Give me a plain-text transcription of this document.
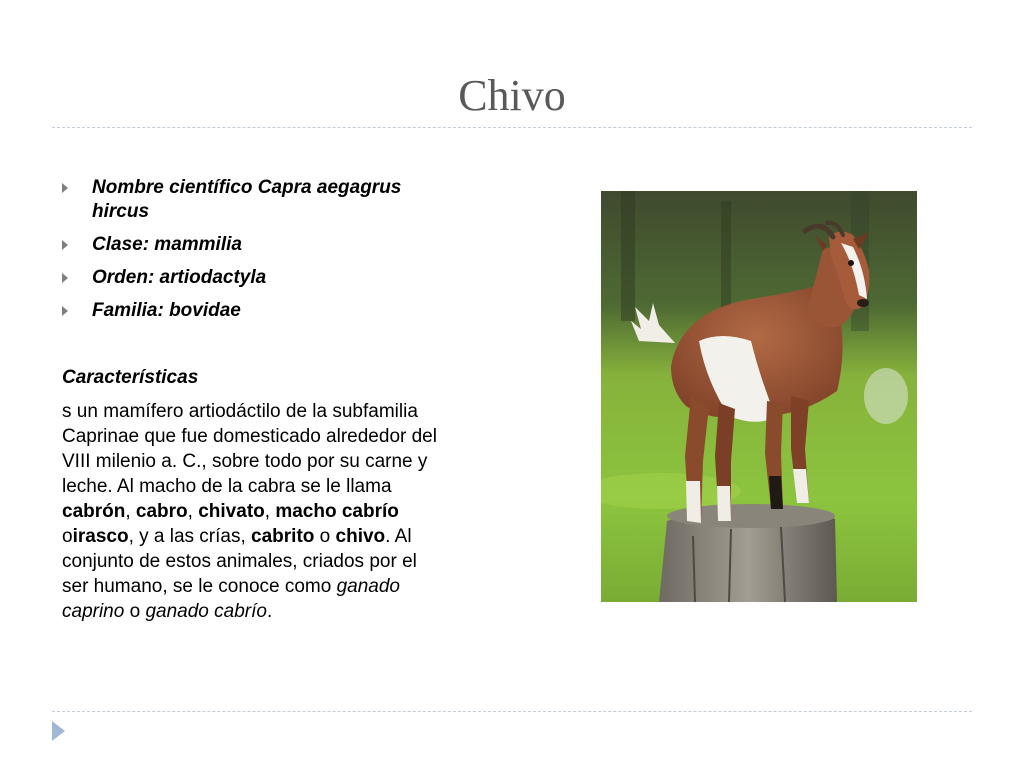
Chivo
Nombre científico Capra aegagrus hircus
Clase: mammilia
Orden: artiodactyla
Familia: bovidae
Características

s un mamífero artiodáctilo de la subfamilia Caprinae que fue domesticado alrededor del VIII milenio a. C., sobre todo por su carne y leche. Al macho de la cabra se le llama cabrón, cabro, chivato, macho cabrío oirasco, y a las crías, cabrito o chivo. Al conjunto de estos animales, criados por el ser humano, se le conoce como ganado caprino o ganado cabrío.
